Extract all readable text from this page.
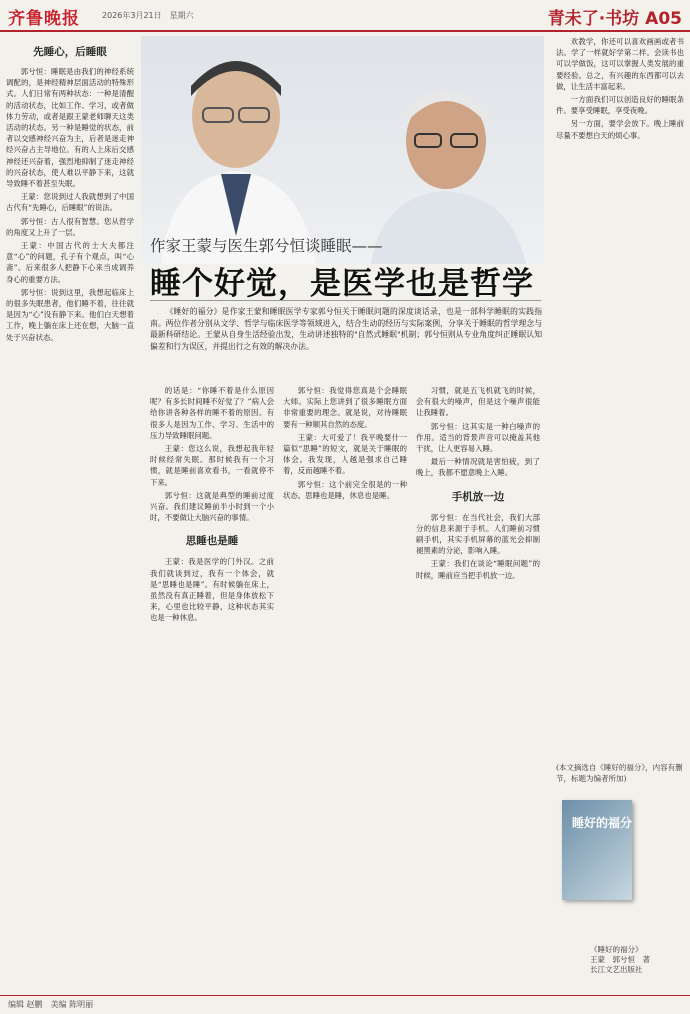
齐鲁晚报	2026年3月21日　星期六	青未了·书坊 A05
先睡心，后睡眼

郭兮恒：睡眠是由我们的神经系统调配的，是神经精神层面活动的特殊形式。人们日常有两种状态：一种是清醒的活动状态，比如工作、学习，或者做体力劳动，或者是跟王蒙老师聊天这类活动的状态。另一种是睡觉的状态，前者以交感神经兴奋为主，后者是迷走神经兴奋占主导地位。有的人上床后交感神经还兴奋着，强烈地抑制了迷走神经的兴奋状态，使人难以平静下来，这就导致睡不着甚至失眠。

王蒙：您说到过人我就想到了中国古代有“先睡心，后睡眼”的说法。

郭兮恒：古人很有智慧。您从哲学的角度又上升了一层。

王蒙：中国古代的士大夫都注意“心”的问题，孔子有个观点，叫“心斋”。后来很多人把静下心来当成调养身心的重要方法。

郭兮恒：说到这里，我想起临床上的很多失眠患者，他们睡不着，往往就是因为“心”没有静下来。他们白天想着工作，晚上躺在床上还在想，大脑一直处于兴奋状态。

作家王蒙与医生郭兮恒谈睡眠——
睡个好觉，是医学也是哲学
《睡好的福分》是作家王蒙和睡眠医学专家郭兮恒关于睡眠问题的深度谈话录，也是一部科学睡眠的实践指南。两位作者分别从文学、哲学与临床医学等领域进入，结合生动的经历与实际案例，分享关于睡眠的哲学理念与最新科研结论。王蒙从自身生活经验出发，生动讲述独特的"自然式睡眠"机制；郭兮恒则从专业角度纠正睡眠认知偏差和行为误区，并提出行之有效的解决办法。

的话是：“你睡不着是什么原因呢？有多长时间睡不好觉了？”病人会给你讲各种各样的睡不着的原因。有很多人是因为工作、学习、生活中的压力导致睡眠问题。

王蒙：您这么说，我想起我年轻时候经常失眠。那时候我有一个习惯，就是睡前喜欢看书，一看就停不下来。

郭兮恒：这就是典型的睡前过度兴奋。我们建议睡前半小时到一个小时，不要做让大脑兴奋的事情。

思睡也是睡

王蒙：我是医学的门外汉。之前我们就谈到过，我有一个体会，就是“思睡也是睡”。有时候躺在床上，虽然没有真正睡着，但是身体放松下来，心里也比较平静，这种状态其实也是一种休息。

郭兮恒：我觉得您真是个会睡眠大师。实际上您讲到了很多睡眠方面非常重要的理念。就是说，对待睡眠要有一种顺其自然的态度。

王蒙：大可爱了！我平晚要什一篇似“思睡”的短文，就是关于睡眠的体会。我发现，人越是强求自己睡着，反而越睡不着。

郭兮恒：这个前完全很是的一种状态。思睡也是睡，休息也是睡。

习惯，就是五飞机就飞的时候，会有很大的噪声，但是这个噪声很能让我睡着。

郭兮恒：这其实是一种白噪声的作用。适当的背景声音可以掩盖其他干扰，让人更容易入睡。

最后一种情况就是害怕疲，到了晚上，我都不愿意晚上入睡。

手机放一边

郭兮恒：在当代社会，我们大部分的信息来源于手机。人们睡前习惯刷手机，其实手机屏幕的蓝光会抑制褪黑素的分泌，影响入睡。

王蒙：我们在谈论“睡眠问题”的时候，睡前应当把手机放一边。

欢教学，你还可以喜欢画画或者书法。学了一样就好学第二样。会读书也可以学做饭，这可以掌握人类发展的重要经验。总之，有兴趣的东西都可以去做，让生活丰富起来。

一方面我们可以创造良好的睡眠条件。要享受睡眠，享受夜晚。

另一方面，要学会放下。晚上睡前尽量不要想白天的烦心事。

(本文摘选自《睡好的福分》，内容有删节，标题为编者所加)
睡好的福分
《睡好的福分》
王蒙　郭兮恒　著
长江文艺出版社
编辑 赵鹏　美编 陈明丽
